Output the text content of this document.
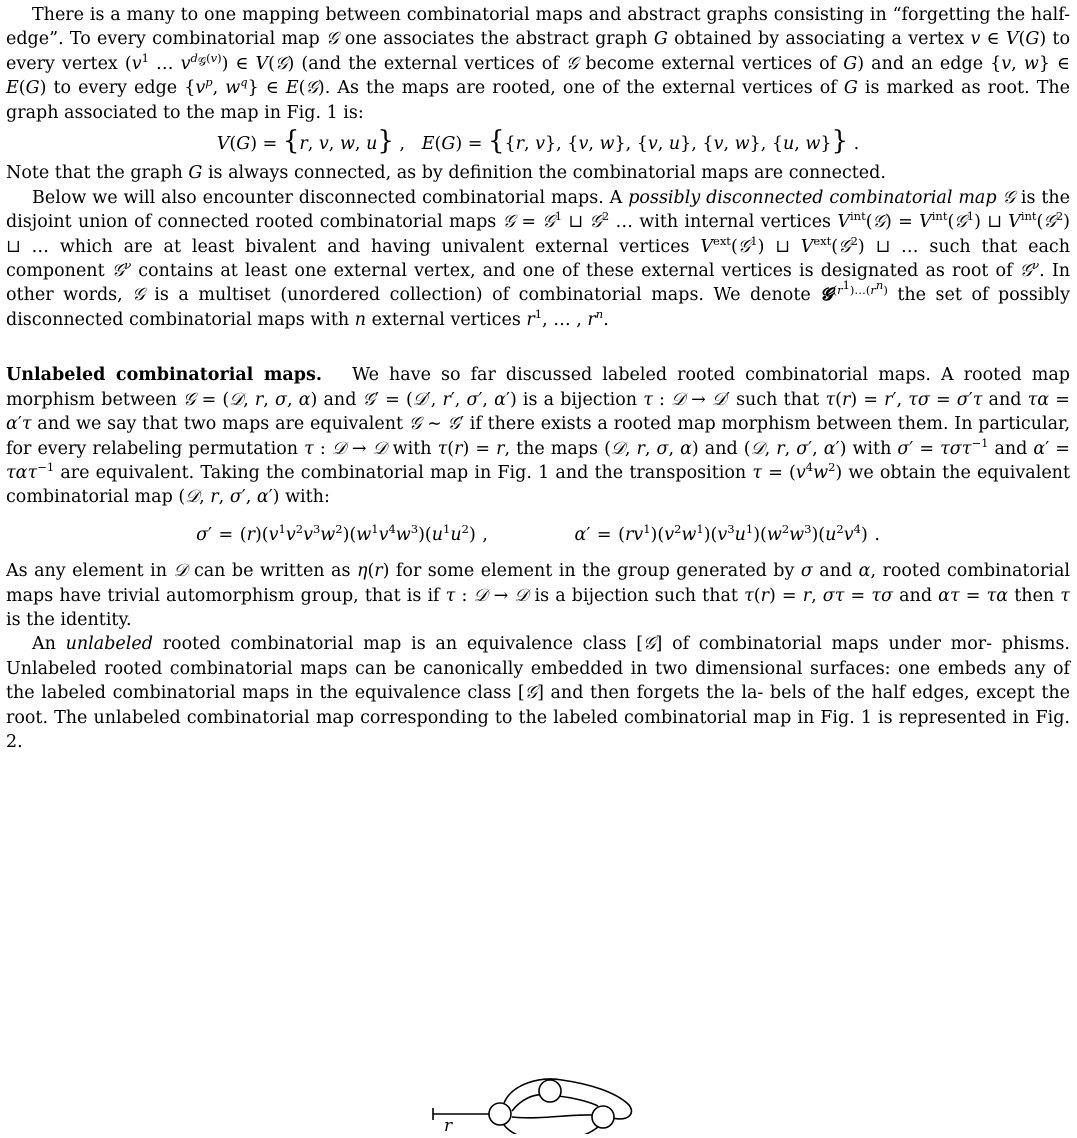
There is a many to one mapping between combinatorial maps and abstract graphs consisting in “forgetting the half-edge”. To every combinatorial map 𝒢 one associates the abstract graph G obtained by associating a vertex v ∈ V(G) to every vertex ($v^1$ … $v^{d_𝒢(v)}$) ∈ V(𝒢) (and the external vertices of 𝒢 become external vertices of G) and an edge {v, w} ∈ E(G) to every edge {$v^p$, $w^q$} ∈ E(𝒢). As the maps are rooted, one of the external vertices of G is marked as root. The graph associated to the map in Fig. 1 is:

V(G) = {r, v, w, u} ,   E(G) = {{r, v}, {v, w}, {v, u}, {v, w}, {u, w}} .

Note that the graph G is always connected, as by definition the combinatorial maps are connected.

Below we will also encounter disconnected combinatorial maps. A possibly disconnected combinatorial map 𝒢 is the disjoint union of connected rooted combinatorial maps 𝒢 = 𝒢$^1$ ⊔ 𝒢$^2$ … with internal vertices $V^{int}(𝒢)$ = $V^{int}(𝒢^1)$ ⊔ $V^{int}(𝒢^2)$ ⊔ … which are at least bivalent and having univalent external vertices $V^{ext}(𝒢^1)$ ⊔ $V^{ext}(𝒢^2)$ ⊔ … such that each component 𝒢$^\nu$ contains at least one external vertex, and one of these external vertices is designated as root of 𝒢$^\nu$. In other words, 𝒢 is a multiset (unordered collection) of combinatorial maps. We denote 𝓖$^{(r^1)\dots(r^n)}$ the set of possibly disconnected combinatorial maps with n external vertices $r^1$, … , $r^n$.

Unlabeled combinatorial maps.   We have so far discussed labeled rooted combinatorial maps. A rooted map morphism between 𝒢 = (𝒟, r, σ, α) and 𝒢′ = (𝒟′, r′, σ′, α′) is a bijection τ : 𝒟 → 𝒟′ such that τ(r) = r′, τσ = σ′τ and τα = α′τ and we say that two maps are equivalent 𝒢 ∼ 𝒢′ if there exists a rooted map morphism between them. In particular, for every relabeling permutation τ : 𝒟 → 𝒟 with τ(r) = r, the maps (𝒟, r, σ, α) and (𝒟, r, σ′, α′) with σ′ = τστ$^{-1}$ and α′ = τατ$^{-1}$ are equivalent. Taking the combinatorial map in Fig. 1 and the transposition $\tau = (v^4w^2)$ we obtain the equivalent combinatorial map (𝒟, r, σ′, α′) with:

$\sigma' = (r)(v^1v^2v^3w^2)(w^1v^4w^3)(u^1u^2)$ ,	$\alpha' = (rv^1)(v^2w^1)(v^3u^1)(w^2w^3)(u^2v^4)$ .

As any element in 𝒟 can be written as η(r) for some element in the group generated by σ and α, rooted combinatorial maps have trivial automorphism group, that is if τ : 𝒟 → 𝒟 is a bijection such that τ(r) = r, στ = τσ and ατ = τα then τ is the identity.

An unlabeled rooted combinatorial map is an equivalence class [𝒢] of combinatorial maps under mor- phisms. Unlabeled rooted combinatorial maps can be canonically embedded in two dimensional surfaces: one embeds any of the labeled combinatorial maps in the equivalence class [𝒢] and then forgets the la- bels of the half edges, except the root. The unlabeled combinatorial map corresponding to the labeled combinatorial map in Fig. 1 is represented in Fig. 2.

r
